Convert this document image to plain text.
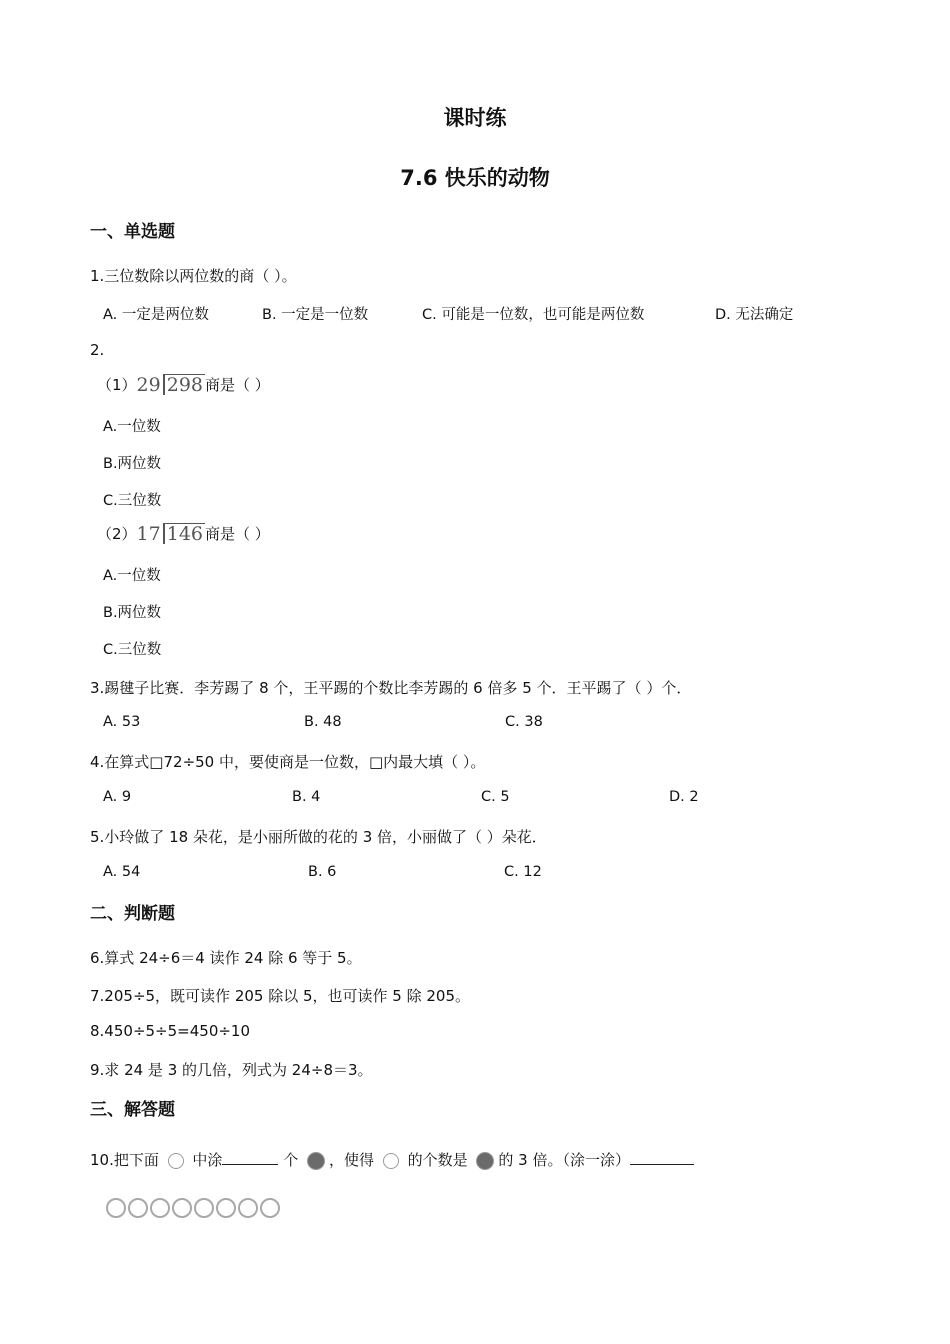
课时练
7.6 快乐的动物
一、单选题
1.三位数除以两位数的商（ ）。
A. 一定是两位数	B. 一定是一位数	C. 可能是一位数，也可能是两位数	D. 无法确定
2.
（1）29 298 商是（ ）
A.一位数
B.两位数
C.三位数
（2）17 146 商是（ ）
A.一位数
B.两位数
C.三位数
3.踢毽子比赛．李芳踢了 8 个，王平踢的个数比李芳踢的 6 倍多 5 个．王平踢了（ ）个．
A. 53	B. 48	C. 38
4.在算式□72÷50 中，要使商是一位数，□内最大填（ ）。
A. 9	B. 4	C. 5	D. 2
5.小玲做了 18 朵花，是小丽所做的花的 3 倍，小丽做了（ ）朵花．
A. 54	B. 6	C. 12
二、判断题
6.算式 24÷6＝4 读作 24 除 6 等于 5。
7.205÷5，既可读作 205 除以 5，也可读作 5 除 205。
8.450÷5÷5=450÷10
9.求 24 是 3 的几倍，列式为 24÷8＝3。
三、解答题
10.把下面 中涂	个 ，使得 的个数是 的 3 倍。（涂一涂）
